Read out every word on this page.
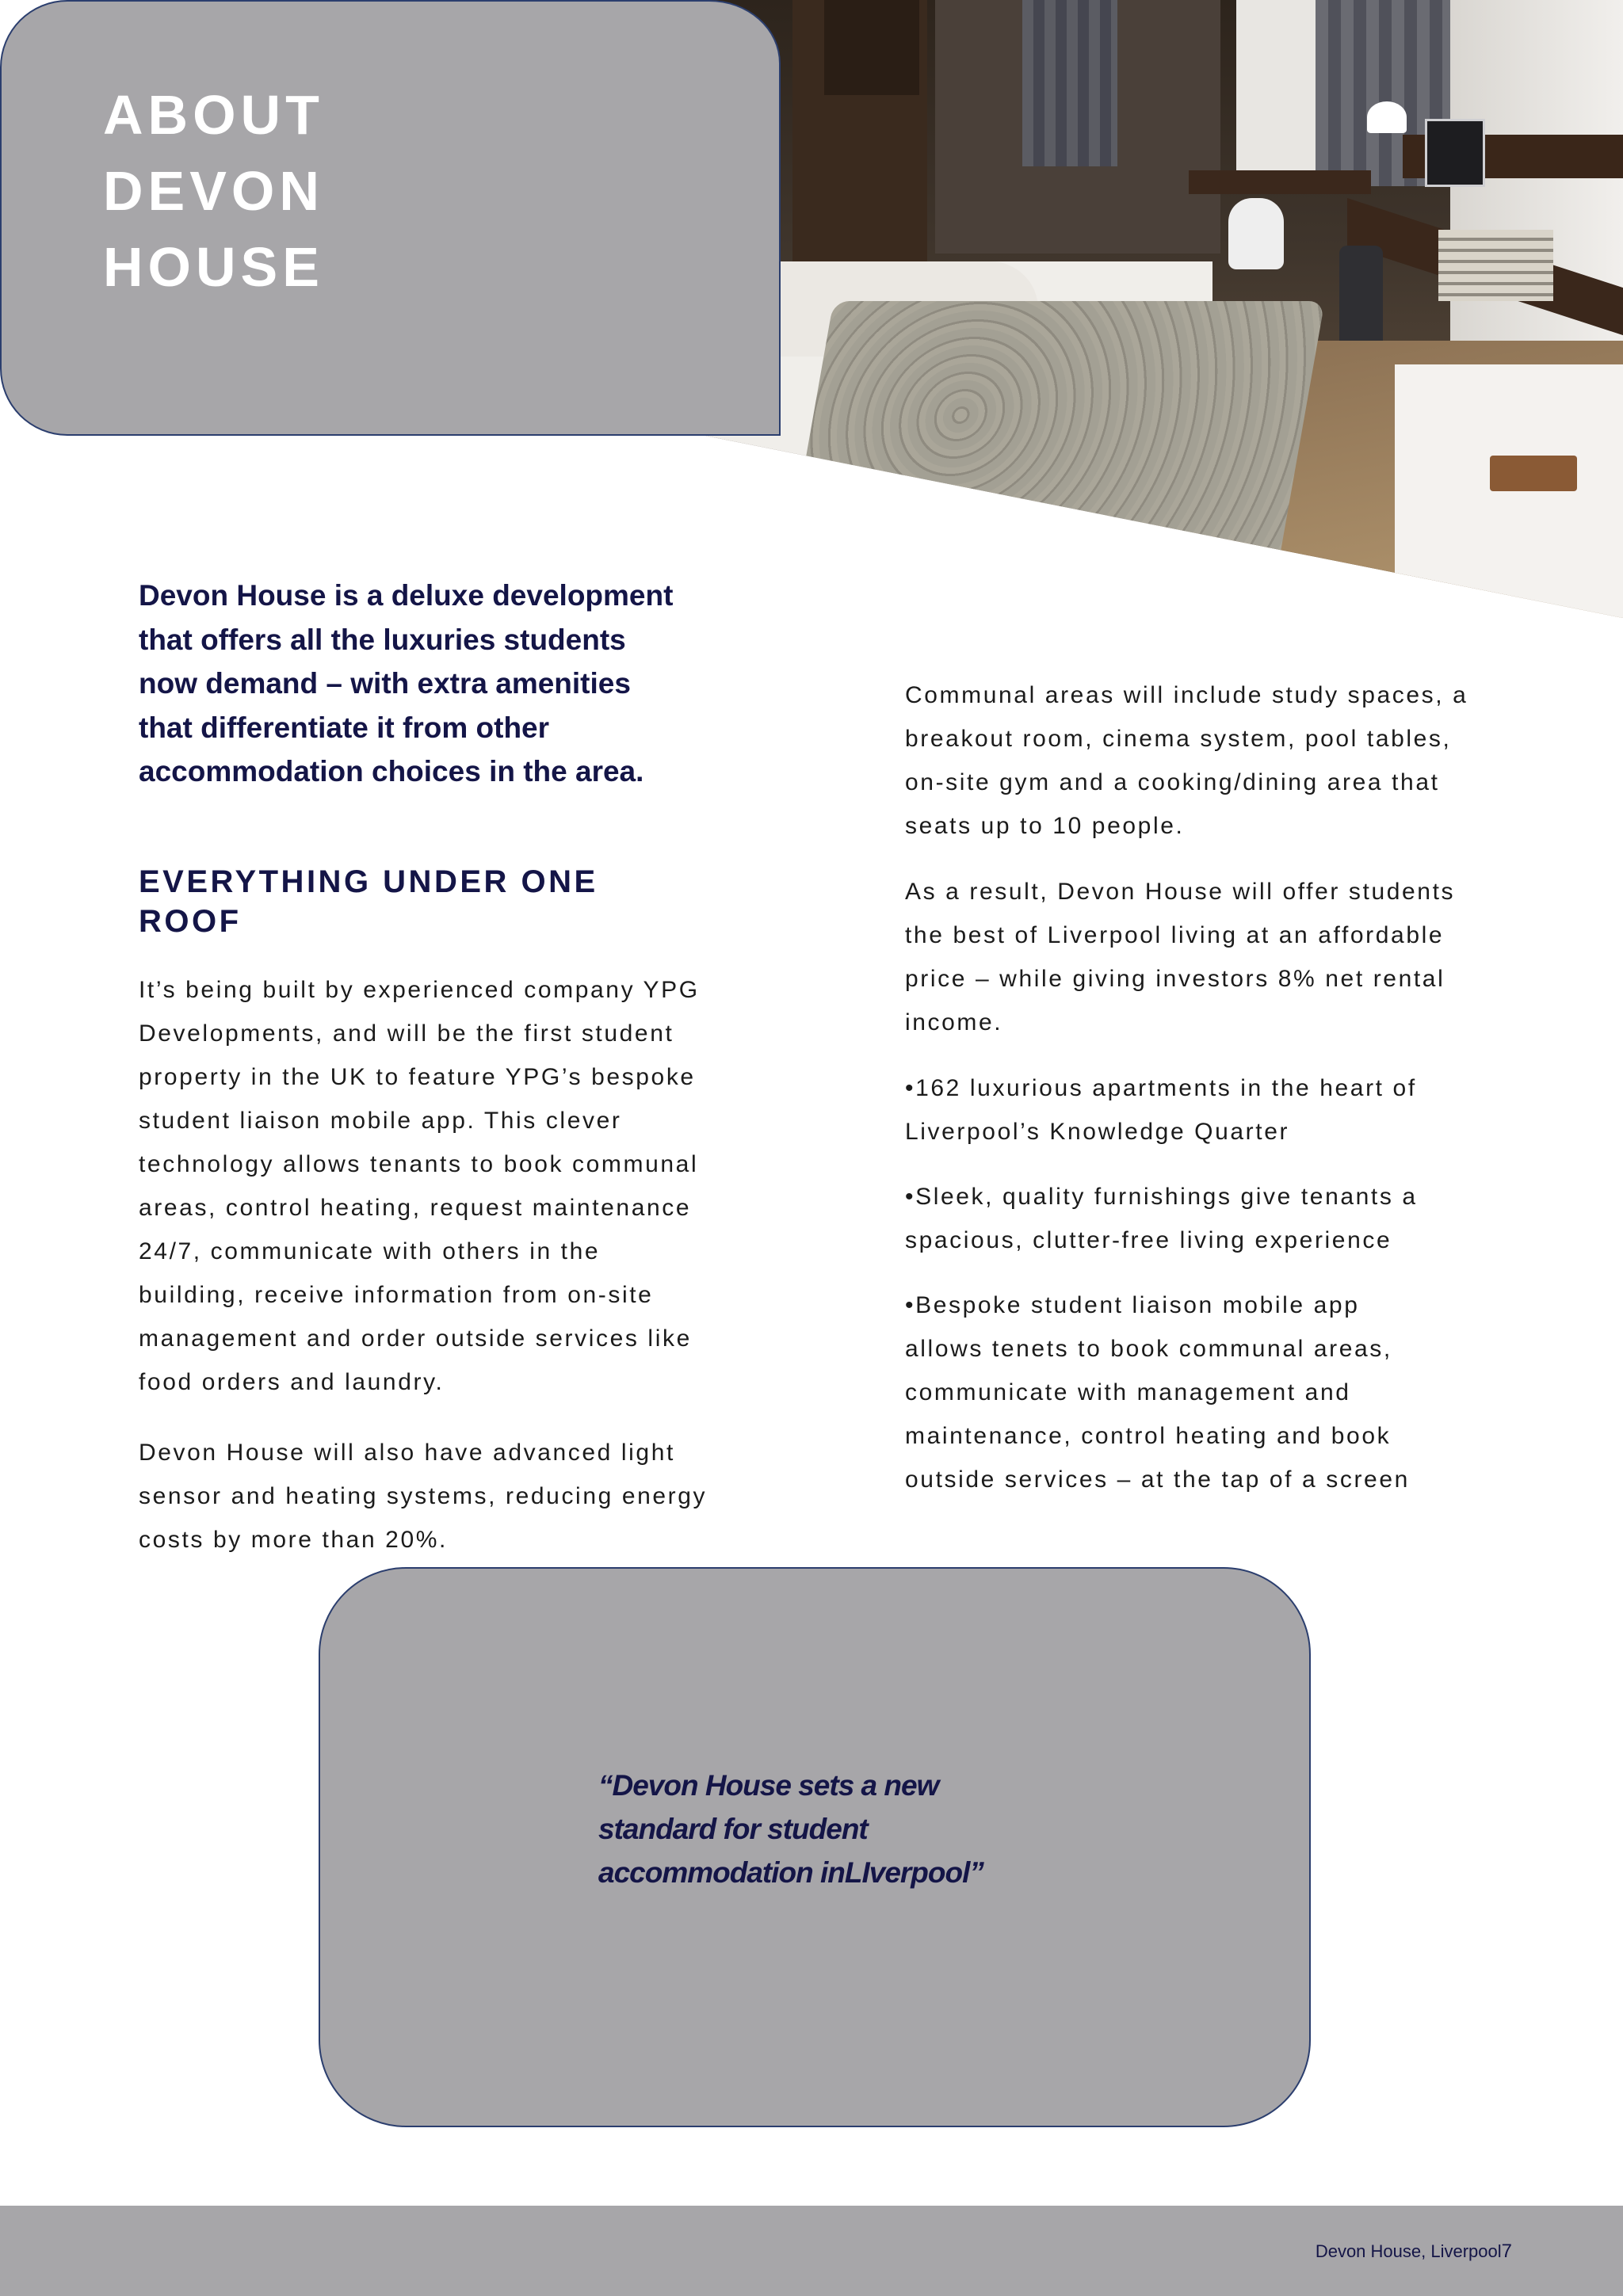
ABOUT
DEVON
HOUSE
Devon House is a deluxe development
that offers all the luxuries students
now demand – with extra amenities
that differentiate it from other
accommodation choices in the area.
EVERYTHING UNDER ONE
ROOF
It’s being built by experienced company YPG
Developments, and will be the first student
property in the UK to feature YPG’s bespoke
student liaison mobile app. This clever
technology allows tenants to book communal
areas, control heating, request maintenance
24/7, communicate with others in the
building, receive information from on-site
management and order outside services like
food orders and laundry.
Devon House will also have advanced light
sensor and heating systems, reducing energy
costs by more than 20%.
Communal areas will include study spaces, a
breakout room, cinema system, pool tables,
on-site gym and a cooking/dining area that
seats up to 10 people.
As a result, Devon House will offer students
the best of Liverpool living at an affordable
price – while giving investors 8% net rental
income.
•162 luxurious apartments in the heart of
Liverpool’s Knowledge Quarter
•Sleek, quality furnishings give tenants a
spacious, clutter-free living experience
•Bespoke student liaison mobile app
allows tenets to book communal areas,
communicate with management and
maintenance, control heating and book
outside services – at the tap of a screen
“Devon House sets a new
standard for student
accommodation inLIverpool”
Devon House, Liverpool7
